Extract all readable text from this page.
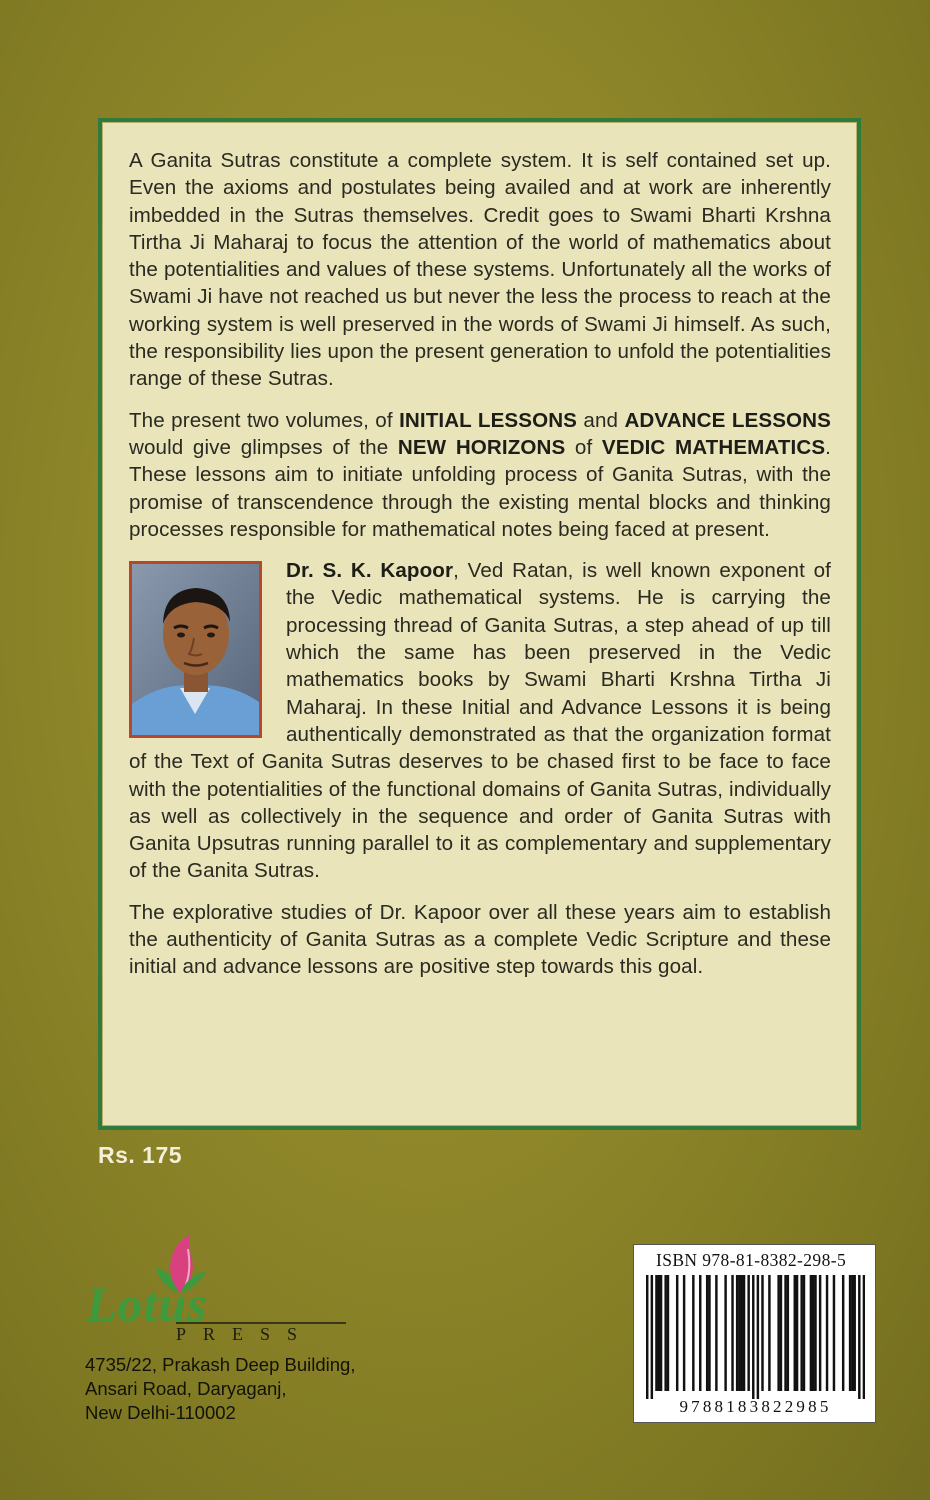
A Ganita Sutras constitute a complete system. It is self contained set up. Even the axioms and postulates being availed and at work are inherently imbedded in the Sutras themselves. Credit goes to Swami Bharti Krshna Tirtha Ji Maharaj to focus the attention of the world of mathematics about the potentialities and values of these systems. Unfortunately all the works of Swami Ji have not reached us but never the less the process to reach at the working system is well preserved in the words of Swami Ji himself. As such, the responsibility lies upon the present generation to unfold the potentialities range of these Sutras.

The present two volumes, of INITIAL LESSONS and ADVANCE LESSONS would give glimpses of the NEW HORIZONS of VEDIC MATHEMATICS. These lessons aim to initiate unfolding process of Ganita Sutras, with the promise of transcendence through the existing mental blocks and thinking processes responsible for mathematical notes being faced at present.

Dr. S. K. Kapoor, Ved Ratan, is well known exponent of the Vedic mathematical systems. He is carrying the processing thread of Ganita Sutras, a step ahead of up till which the same has been preserved in the Vedic mathematics books by Swami Bharti Krshna Tirtha Ji Maharaj. In these Initial and Advance Lessons it is being authentically demonstrated as that the organization format of the Text of Ganita Sutras deserves to be chased first to be face to face with the potentialities of the functional domains of Ganita Sutras, individually as well as collectively in the sequence and order of Ganita Sutras with Ganita Upsutras running parallel to it as complementary and supplementary of the Ganita Sutras.

The explorative studies of Dr. Kapoor over all these years aim to establish the authenticity of Ganita Sutras as a complete Vedic Scripture and these initial and advance lessons are positive step towards this goal.

Rs. 175
Lotus
PRESS
4735/22, Prakash Deep Building,
Ansari Road, Daryaganj,
New Delhi-110002
ISBN 978-81-8382-298-5
9788183822985
